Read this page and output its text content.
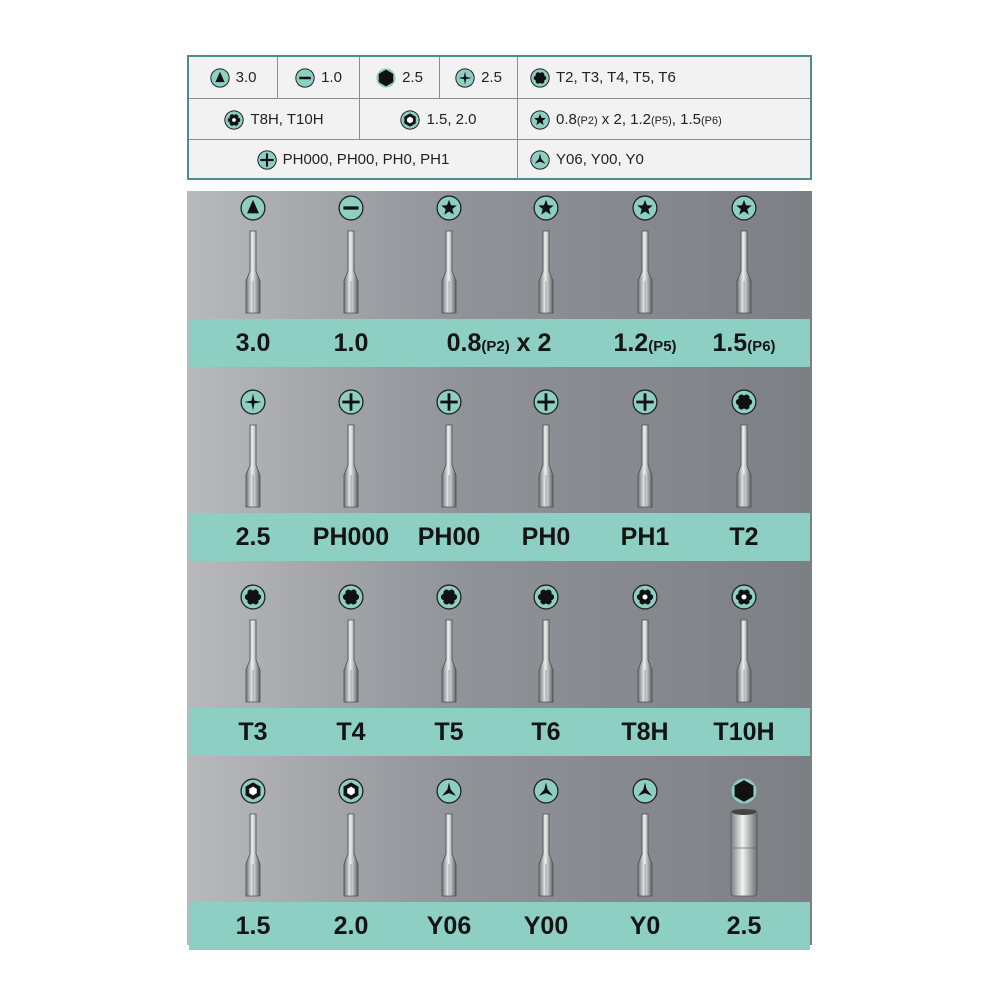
3.0	1.0	2.5	2.5	T2, T3, T4, T5, T6
T8H, T10H	1.5, 2.0	0.8(P2) x 2, 1.2(P5), 1.5(P6)
PH000, PH00, PH0, PH1	Y06, Y00, Y0
3.0	1.0	0.8(P2) x 2	1.2(P5)	1.5(P6)
2.5	PH000	PH00	PH0	PH1	T2
T3	T4	T5	T6	T8H	T10H
1.5	2.0	Y06	Y00	Y0	2.5
